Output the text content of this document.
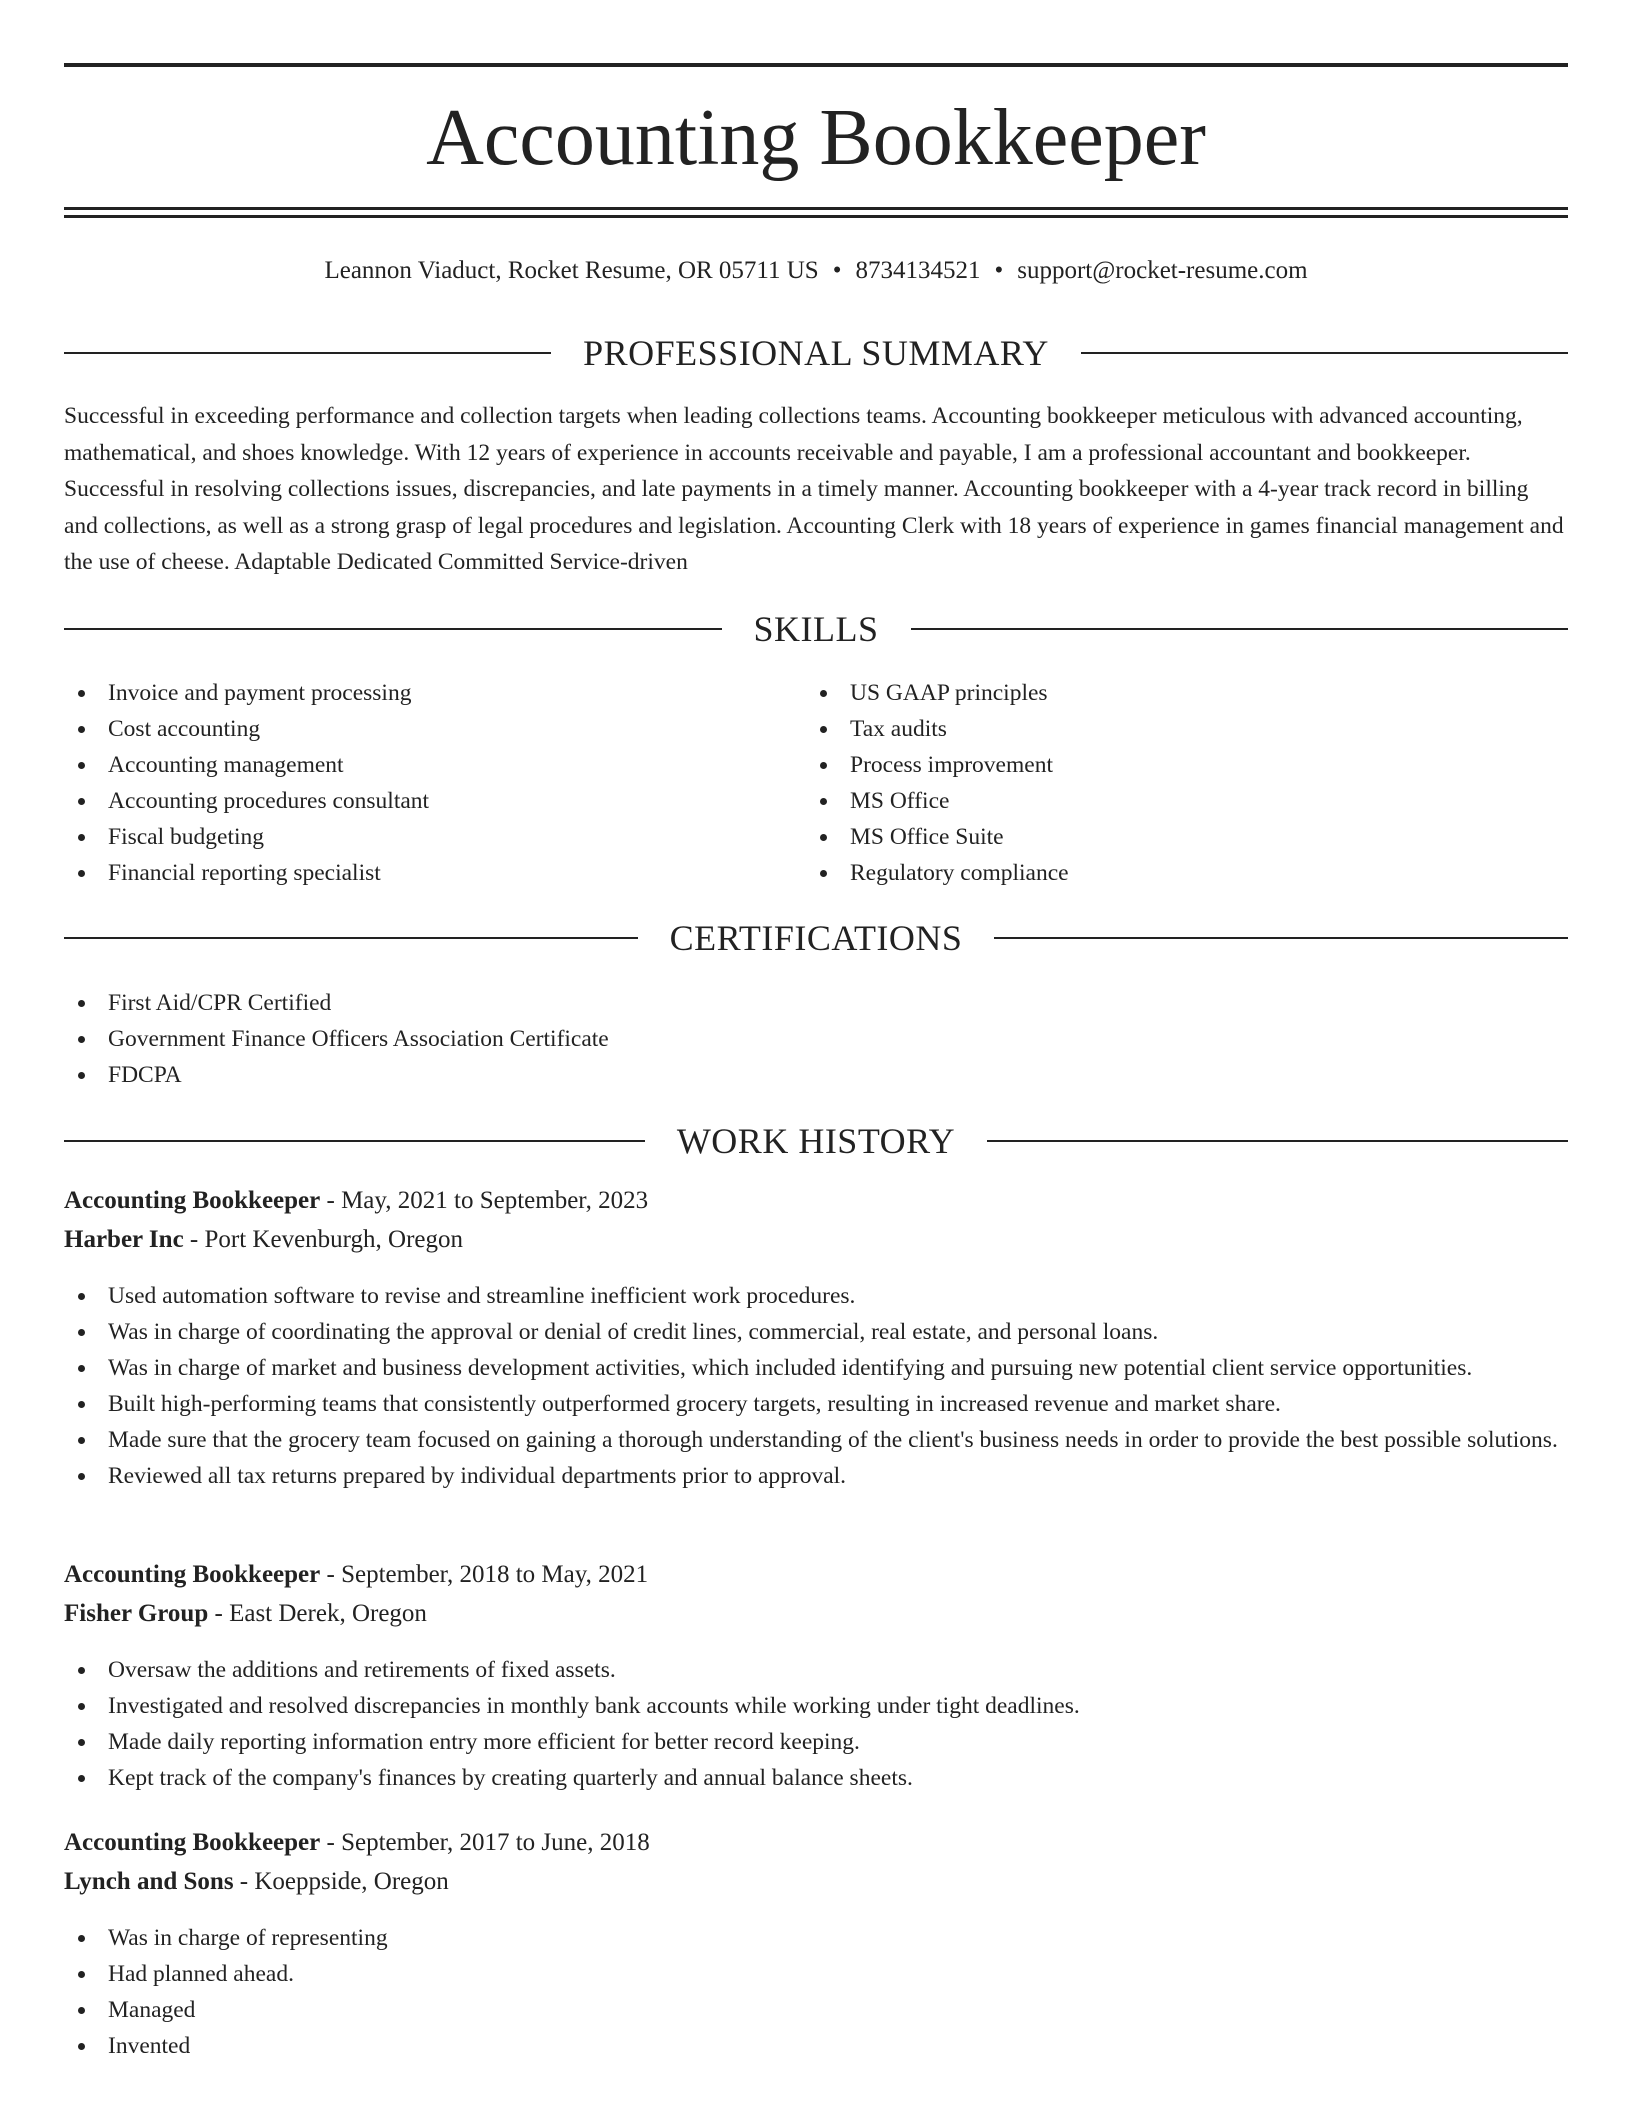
Accounting Bookkeeper
Leannon Viaduct, Rocket Resume, OR 05711 US • 8734134521 • support@rocket-resume.com
PROFESSIONAL SUMMARY

Successful in exceeding performance and collection targets when leading collections teams. Accounting bookkeeper meticulous with advanced accounting, mathematical, and shoes knowledge. With 12 years of experience in accounts receivable and payable, I am a professional accountant and bookkeeper. Successful in resolving collections issues, discrepancies, and late payments in a timely manner. Accounting bookkeeper with a 4-year track record in billing and collections, as well as a strong grasp of legal procedures and legislation. Accounting Clerk with 18 years of experience in games financial management and the use of cheese. Adaptable Dedicated Committed Service-driven

SKILLS
Invoice and payment processing
Cost accounting
Accounting management
Accounting procedures consultant
Fiscal budgeting
Financial reporting specialist
US GAAP principles
Tax audits
Process improvement
MS Office
MS Office Suite
Regulatory compliance
CERTIFICATIONS
First Aid/CPR Certified
Government Finance Officers Association Certificate
FDCPA
WORK HISTORY
Accounting Bookkeeper - May, 2021 to September, 2023
Harber Inc - Port Kevenburgh, Oregon
Used automation software to revise and streamline inefficient work procedures.
Was in charge of coordinating the approval or denial of credit lines, commercial, real estate, and personal loans.
Was in charge of market and business development activities, which included identifying and pursuing new potential client service opportunities.
Built high-performing teams that consistently outperformed grocery targets, resulting in increased revenue and market share.
Made sure that the grocery team focused on gaining a thorough understanding of the client's business needs in order to provide the best possible solutions.
Reviewed all tax returns prepared by individual departments prior to approval.
Accounting Bookkeeper - September, 2018 to May, 2021
Fisher Group - East Derek, Oregon
Oversaw the additions and retirements of fixed assets.
Investigated and resolved discrepancies in monthly bank accounts while working under tight deadlines.
Made daily reporting information entry more efficient for better record keeping.
Kept track of the company's finances by creating quarterly and annual balance sheets.
Accounting Bookkeeper - September, 2017 to June, 2018
Lynch and Sons - Koeppside, Oregon
Was in charge of representing
Had planned ahead.
Managed
Invented
